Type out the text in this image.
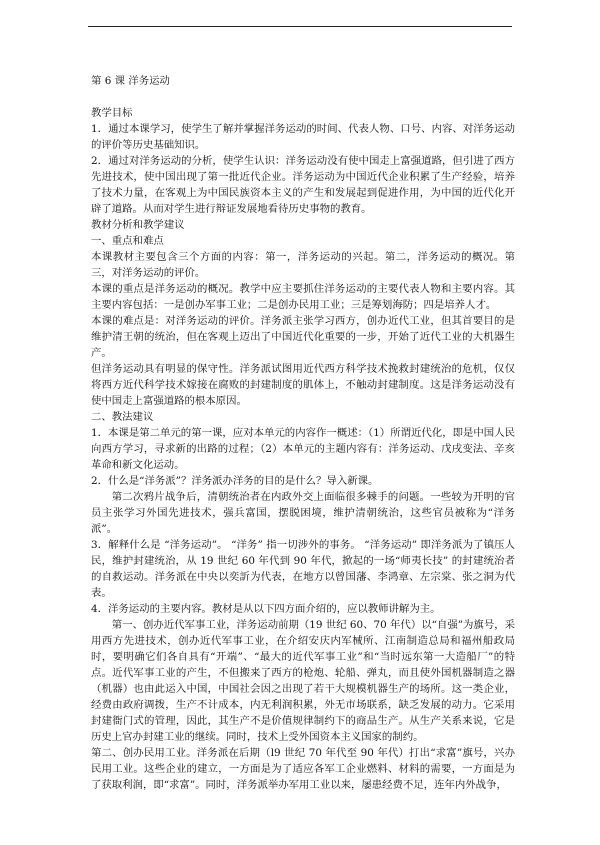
第 6 课 洋务运动

教学目标

1．通过本课学习，使学生了解并掌握洋务运动的时间、代表人物、口号、内容、对洋务运动的评价等历史基础知识。

2．通过对洋务运动的分析，使学生认识：洋务运动没有使中国走上富强道路，但引进了西方先进技术，使中国出现了第一批近代企业。洋务运动为中国近代企业积累了生产经验，培养了技术力量，在客观上为中国民族资本主义的产生和发展起到促进作用，为中国的近代化开辟了道路。从而对学生进行辩证发展地看待历史事物的教育。

教材分析和教学建议

一、重点和难点

本课教材主要包含三个方面的内容：第一，洋务运动的兴起。第二，洋务运动的概况。第三，对洋务运动的评价。

本课的重点是洋务运动的概况。教学中应主要抓住洋务运动的主要代表人物和主要内容。其主要内容包括：一是创办军事工业；二是创办民用工业；三是筹划海防；四是培养人才。

本课的难点是：对洋务运动的评价。洋务派主张学习西方，创办近代工业，但其首要目的是维护清王朝的统治，但在客观上迈出了中国近代化重要的一步，开始了近代工业的大机器生产。

但洋务运动具有明显的保守性。洋务派试图用近代西方科学技术挽救封建统治的危机，仅仅将西方近代科学技术嫁接在腐败的封建制度的肌体上，不触动封建制度。这是洋务运动没有使中国走上富强道路的根本原因。

二、教法建议

1．本课是第二单元的第一课，应对本单元的内容作一概述：（1）所谓近代化，即是中国人民向西方学习，寻求新的出路的过程；（2）本单元的主题内容有：洋务运动、戊戌变法、辛亥革命和新文化运动。

2．什么是“洋务派”？洋务派办洋务的目的是什么？导入新课。

第二次鸦片战争后，清朝统治者在内政外交上面临很多棘手的问题。一些较为开明的官员主张学习外国先进技术，强兵富国，摆脱困境，维护清朝统治，这些官员被称为“洋务派”。

3．解释什么是 “洋务运动”。 “洋务” 指一切涉外的事务。 “洋务运动” 即洋务派为了镇压人民，维护封建统治，从 19 世纪 60 年代到 90 年代，掀起的一场“师夷长技” 的封建统治者的自救运动。洋务派在中央以奕訢为代表，在地方以曾国藩、李鸿章、左宗棠、张之洞为代表。

4．洋务运动的主要内容。教材是从以下四方面介绍的，应以教师讲解为主。

第一、创办近代军事工业，洋务运动前期（19 世纪 60、70 年代）以“自强”为旗号，采用西方先进技术，创办近代军事工业，在介绍安庆内军械所、江南制造总局和福州船政局时，要明确它们各自具有“开端”、“最大的近代军事工业”和“当时远东第一大造船厂”的特点。近代军事工业的产生，不但搬来了西方的枪炮、轮船、弹丸，而且使外国机器制造之器（机器）也由此运入中国，中国社会因之出现了若干大规模机器生产的场所。这一类企业，经费由政府调拨，生产不计成本，内无利润积累，外无市场联系，缺乏发展的动力。它采用封建衙门式的管理，因此，其生产不是价值规律制约下的商品生产。从生产关系来说，它是历史上官办封建工业的继续。同时，技术上受外国资本主义国家的制约。

第二、创办民用工业。洋务派在后期（l9 世纪 70 年代至 90 年代）打出“求富”旗号，兴办民用工业。这些企业的建立，一方面是为了适应各军工企业燃料、材料的需要，一方面是为了获取利润，即“求富”。同时，洋务派举办军用工业以来，屡患经费不足，连年内外战争，
